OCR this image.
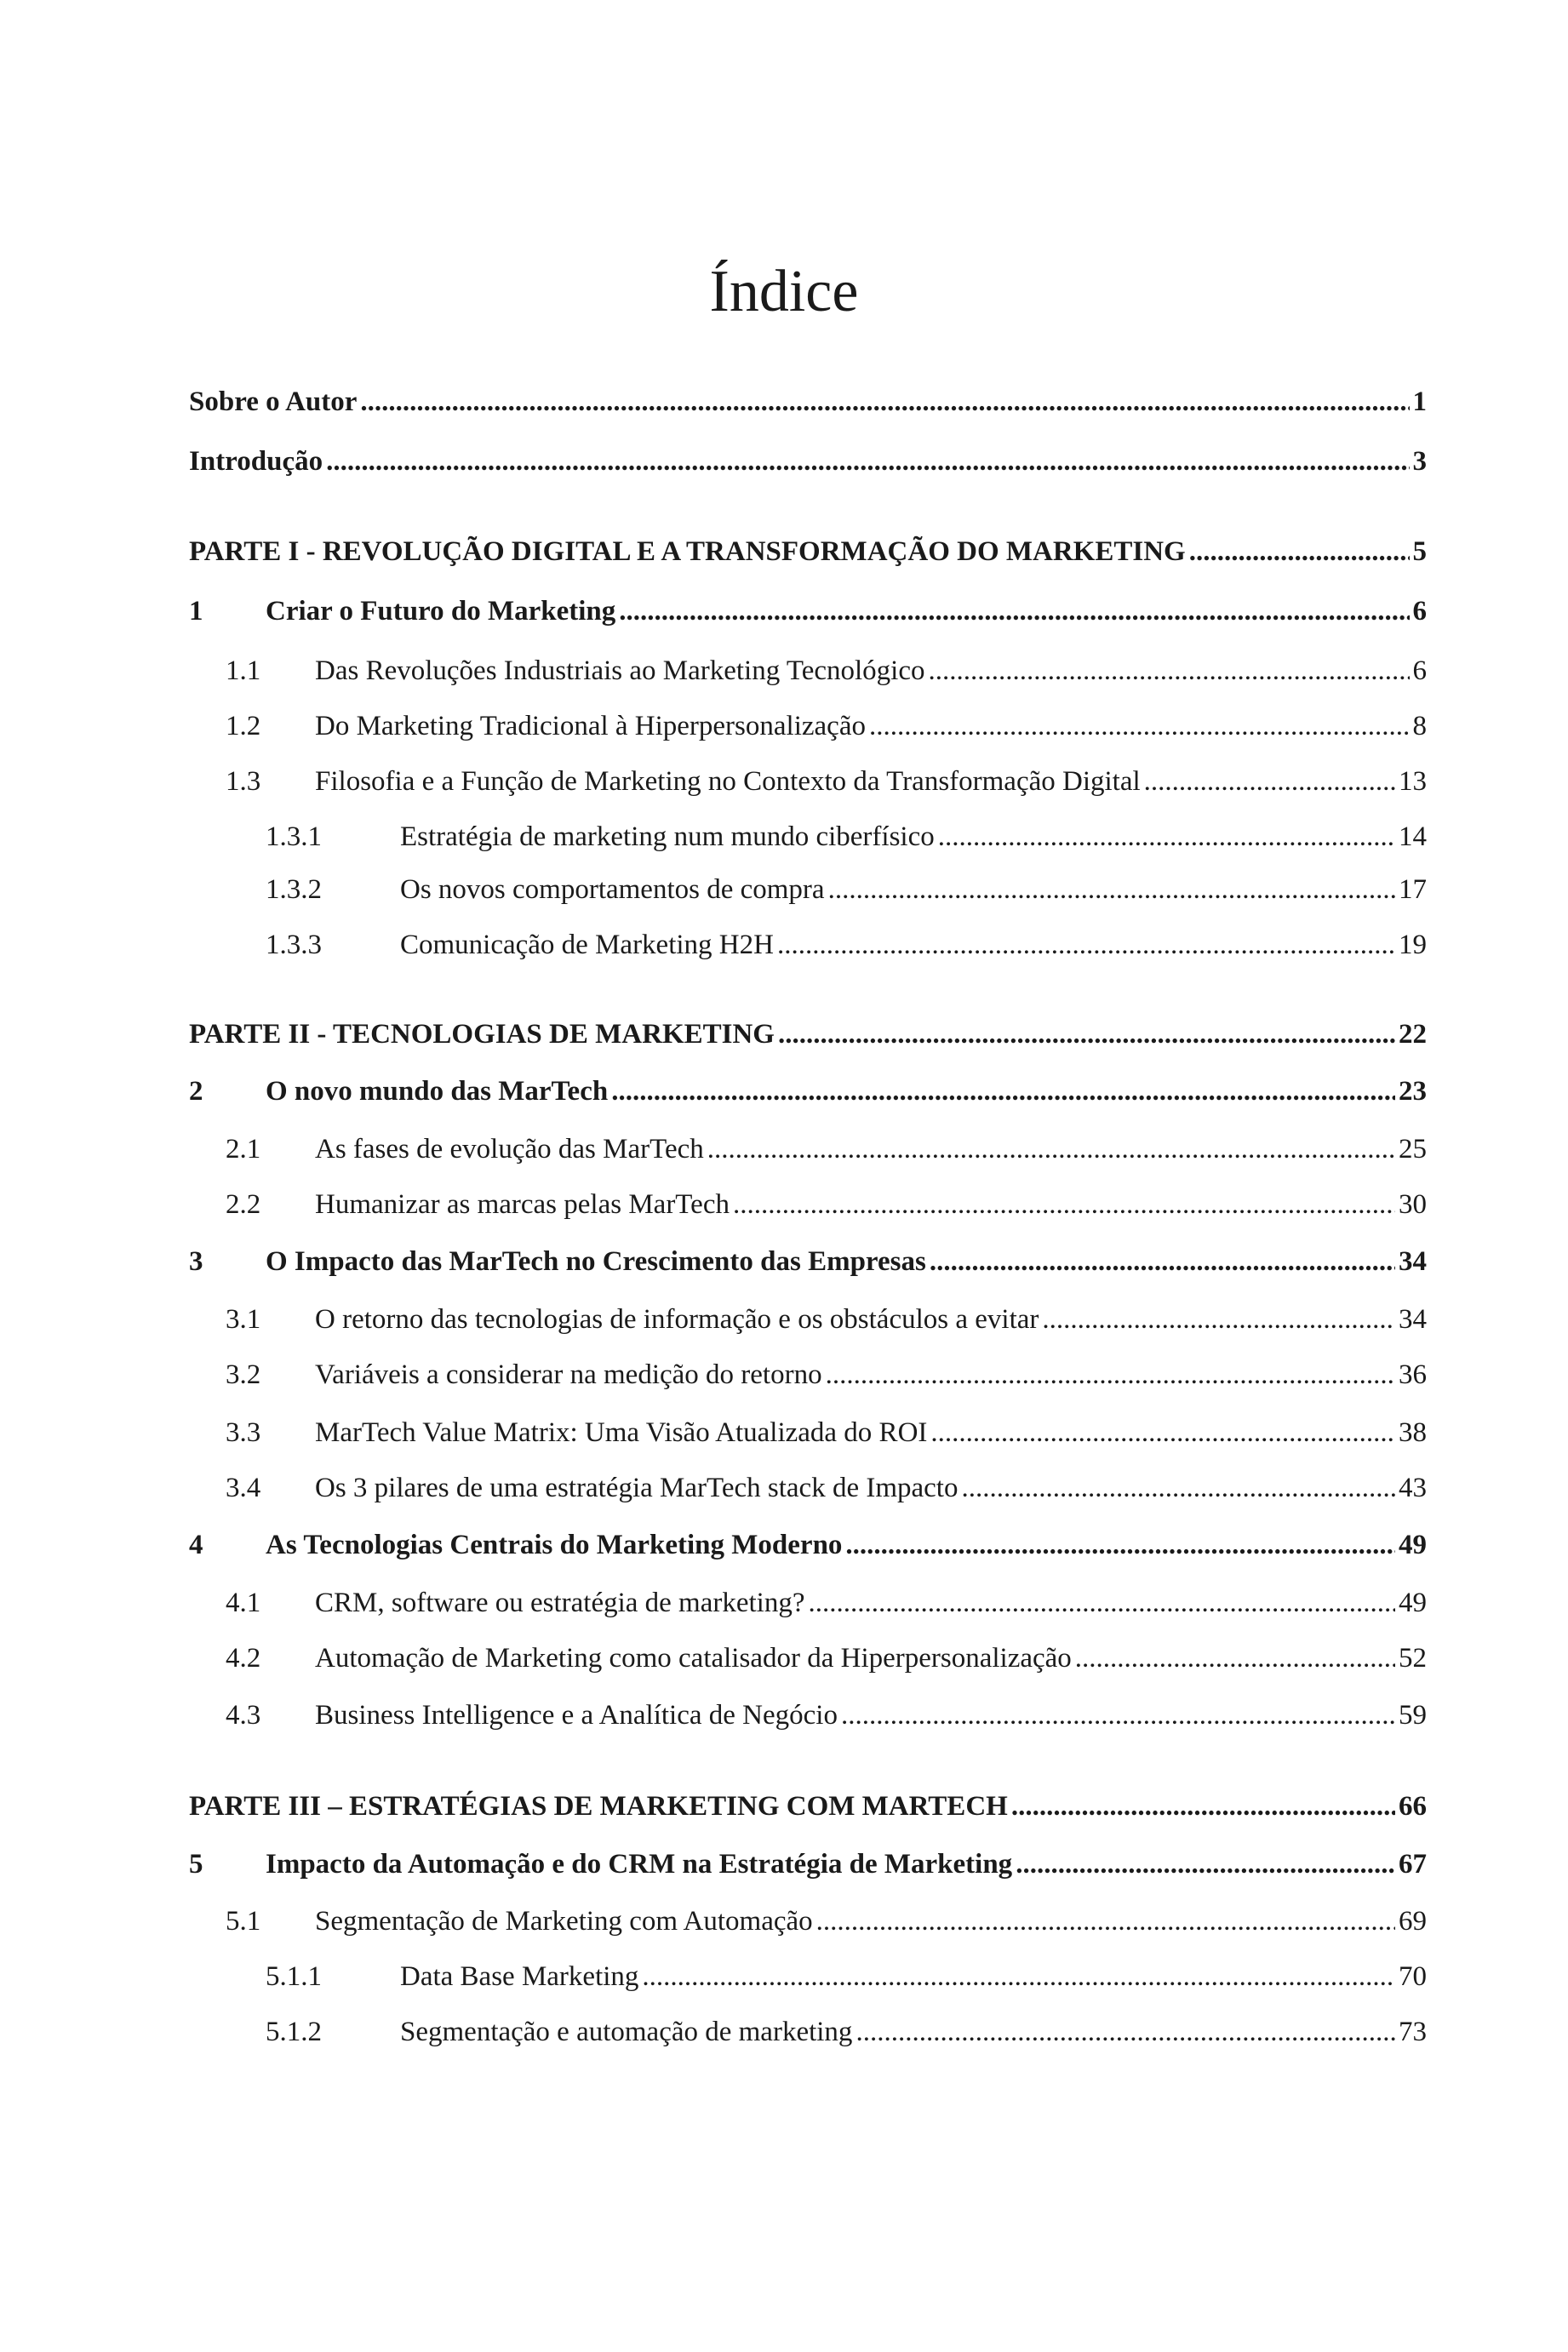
Índice
Sobre o Autor .....	1
Introdução .....	3
PARTE I - REVOLUÇÃO DIGITAL E A TRANSFORMAÇÃO DO MARKETING .....	5
1 Criar o Futuro do Marketing .....	6
1.1 Das Revoluções Industriais ao Marketing Tecnológico .....	6
1.2 Do Marketing Tradicional à Hiperpersonalização .....	8
1.3 Filosofia e a Função de Marketing no Contexto da Transformação Digital .....	13
1.3.1	Estratégia de marketing num mundo ciberfísico .....	14
1.3.2	Os novos comportamentos de compra .....	17
1.3.3	Comunicação de Marketing H2H .....	19
PARTE II - TECNOLOGIAS DE MARKETING .....	22
2 O novo mundo das MarTech .....	23
2.1 As fases de evolução das MarTech .....	25
2.2 Humanizar as marcas pelas MarTech .....	30
3 O Impacto das MarTech no Crescimento das Empresas .....	34
3.1 O retorno das tecnologias de informação e os obstáculos a evitar .....	34
3.2 Variáveis a considerar na medição do retorno .....	36
3.3 MarTech Value Matrix: Uma Visão Atualizada do ROI .....	38
3.4 Os 3 pilares de uma estratégia MarTech stack de Impacto .....	43
4 As Tecnologias Centrais do Marketing Moderno .....	49
4.1 CRM, software ou estratégia de marketing? .....	49
4.2 Automação de Marketing como catalisador da Hiperpersonalização .....	52
4.3 Business Intelligence e a Analítica de Negócio .....	59
PARTE III – ESTRATÉGIAS DE MARKETING COM MARTECH .....	66
5 Impacto da Automação e do CRM na Estratégia de Marketing .....	67
5.1 Segmentação de Marketing com Automação .....	69
5.1.1	Data Base Marketing .....	70
5.1.2	Segmentação e automação de marketing .....	73
